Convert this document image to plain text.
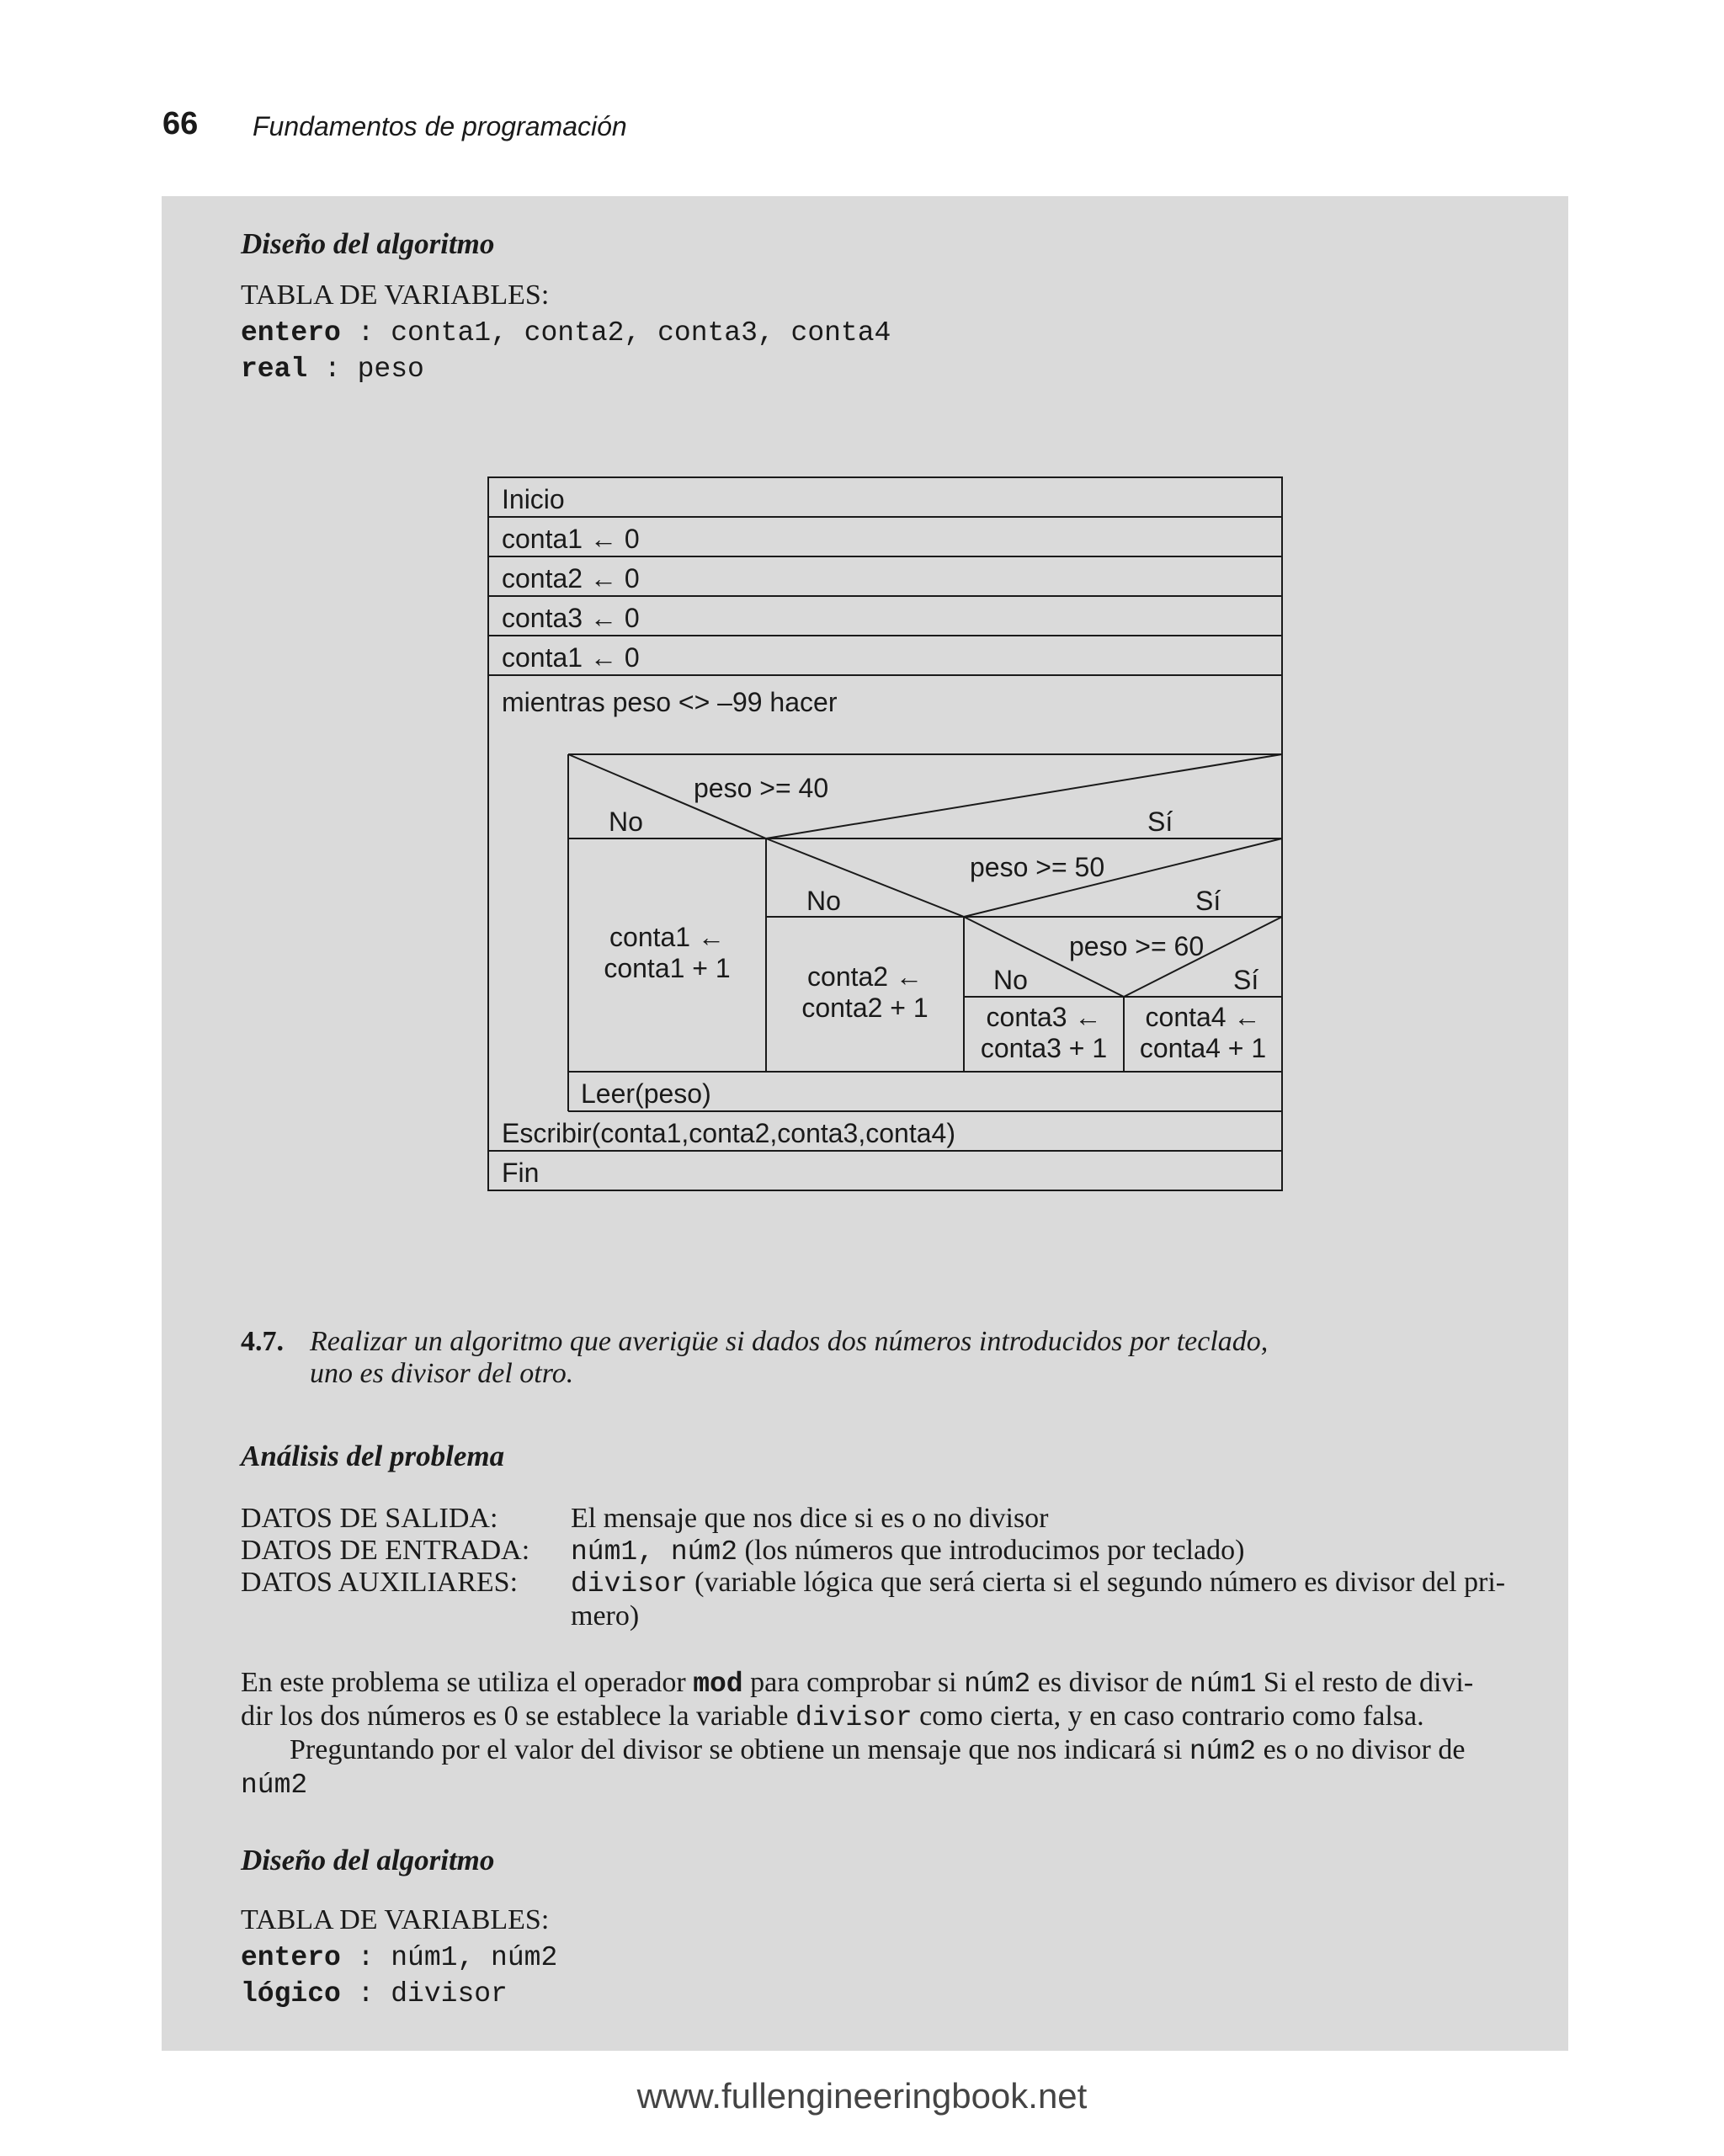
66 Fundamentos de programación
Diseño del algoritmo
TABLA DE VARIABLES:
entero : conta1, conta2, conta3, conta4
real : peso
Inicio
conta1 ← 0
conta2 ← 0
conta3 ← 0
conta1 ← 0
mientras peso <> –99 hacer
peso >= 40
No	Sí
conta1 ←
conta1 + 1
peso >= 50
No	Sí
conta2 ←
conta2 + 1
peso >= 60
No	Sí
conta3 ←
conta3 + 1
conta4 ←
conta4 + 1
Leer(peso)
Escribir(conta1,conta2,conta3,conta4)
Fin
4.7. Realizar un algoritmo que averigüe si dados dos números introducidos por teclado,
uno es divisor del otro.
Análisis del problema
DATOS DE SALIDA:	El mensaje que nos dice si es o no divisor
DATOS DE ENTRADA:	núm1, núm2 (los números que introducimos por teclado)
DATOS AUXILIARES:	divisor (variable lógica que será cierta si el segundo número es divisor del pri-
mero)
En este problema se utiliza el operador mod para comprobar si núm2 es divisor de núm1 Si el resto de divi-
dir los dos números es 0 se establece la variable divisor como cierta, y en caso contrario como falsa.
Preguntando por el valor del divisor se obtiene un mensaje que nos indicará si núm2 es o no divisor de
núm2
Diseño del algoritmo
TABLA DE VARIABLES:
entero : núm1, núm2
lógico : divisor
www.fullengineeringbook.net
